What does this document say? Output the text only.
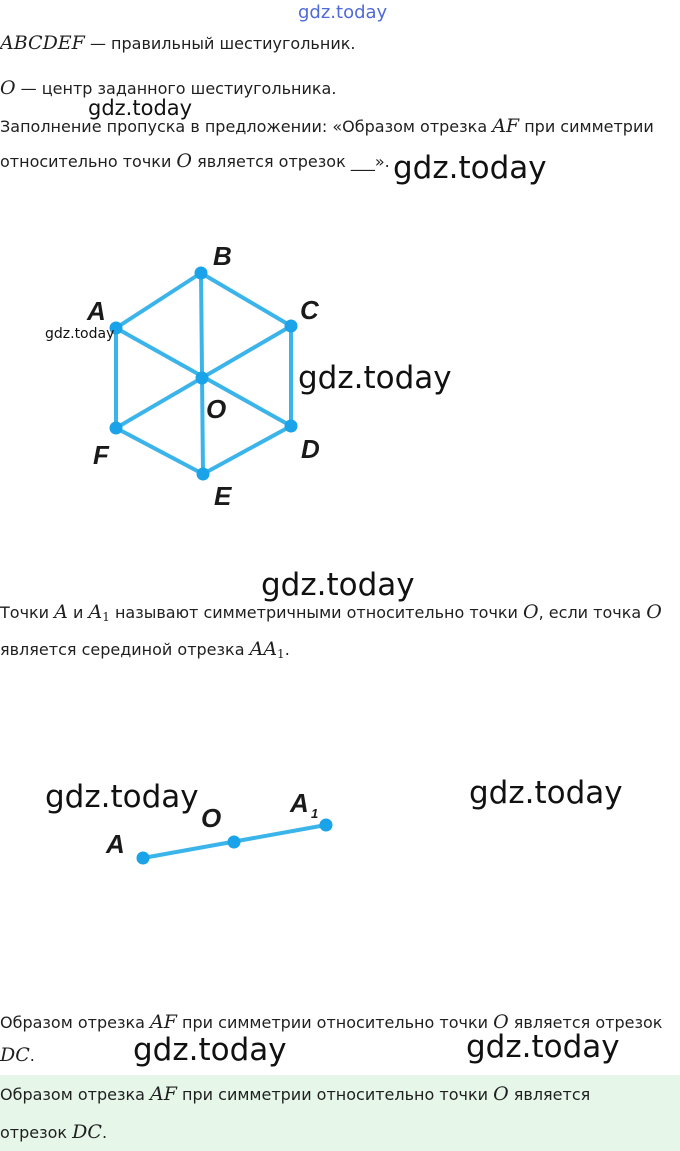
gdz.today
ABCDEF — правильный шестиугольник.
O — центр заданного шестиугольника.
gdz.today
Заполнение пропуска в предложении: «Образом отрезка AF при симметрии
относительно точки O является отрезок ___». gdz.today
B
C
D
E
F
A
O
gdz.today
gdz.today
gdz.today
Точки A и $A_1$ называют симметричными относительно точки O, если точка O
является серединой отрезка $AA_1$.
A
O	A 1
gdz.today	gdz.today
Образом отрезка AF при симметрии относительно точки O является отрезок
DC.	gdz.today	gdz.today
Образом отрезка AF при симметрии относительно точки O является
отрезок DC.
